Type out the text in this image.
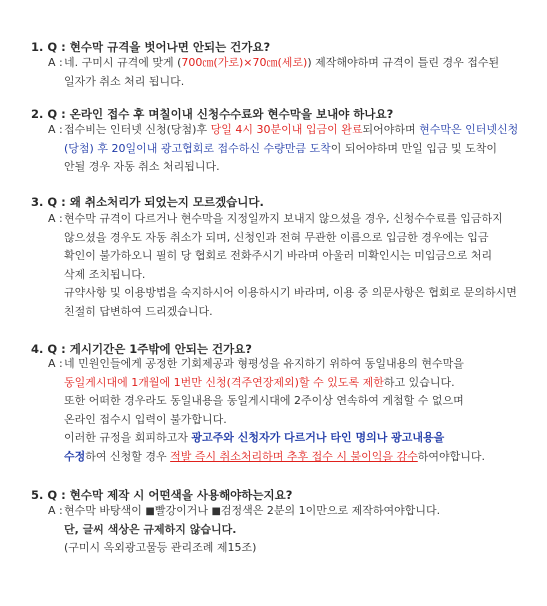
1. Q : 현수막 규격을 벗어나면 안되는 건가요?
A : 네. 구미시 규격에 맞게 (700㎝(가로)×70㎝(세로)) 제작해야하며 규격이 틀린 경우 접수된
일자가 취소 처리 됩니다.
2. Q : 온라인 접수 후 며칠이내 신청수수료와 현수막을 보내야 하나요?
A : 접수비는 인터넷 신청(당첨)후 당일 4시 30분이내 입금이 완료되어야하며 현수막은 인터넷신청
(당첨) 후 20일이내 광고협회로 접수하신 수량만큼 도착이 되어야하며 만일 입금 및 도착이
안될 경우 자동 취소 처리됩니다.
3. Q : 왜 취소처리가 되었는지 모르겠습니다.
A : 현수막 규격이 다르거나 현수막을 지정일까지 보내지 않으셨을 경우, 신청수수료를 입금하지
않으셨을 경우도 자동 취소가 되며, 신청인과 전혀 무관한 이름으로 입금한 경우에는 입금
확인이 불가하오니 필히 당 협회로 전화주시기 바라며 아울러 미확인시는 미입금으로 처리
삭제 조치됩니다.
규약사항 및 이용방법을 숙지하시어 이용하시기 바라며, 이용 중 의문사항은 협회로 문의하시면
친절히 답변하여 드리겠습니다.
4. Q : 게시기간은 1주밖에 안되는 건가요?
A : 네 민원인들에게 공정한 기회제공과 형평성을 유지하기 위하여 동일내용의 현수막을
동일게시대에 1개월에 1번만 신청(격주연장제외)할 수 있도록 제한하고 있습니다.
또한 어떠한 경우라도 동일내용을 동일게시대에 2주이상 연속하여 게첨할 수 없으며
온라인 접수시 입력이 불가합니다.
이러한 규정을 회피하고자 광고주와 신청자가 다르거나 타인 명의나 광고내용을
수정하여 신청할 경우 적발 즉시 취소처리하며 추후 접수 시 불이익을 감수하여야합니다.
5. Q : 현수막 제작 시 어떤색을 사용해야하는지요?
A : 현수막 바탕색이 ■빨강이거나 ■검정색은 2분의 1이만으로 제작하여야합니다.
단, 글씨 색상은 규제하지 않습니다.
(구미시 옥외광고물등 관리조례 제15조)
